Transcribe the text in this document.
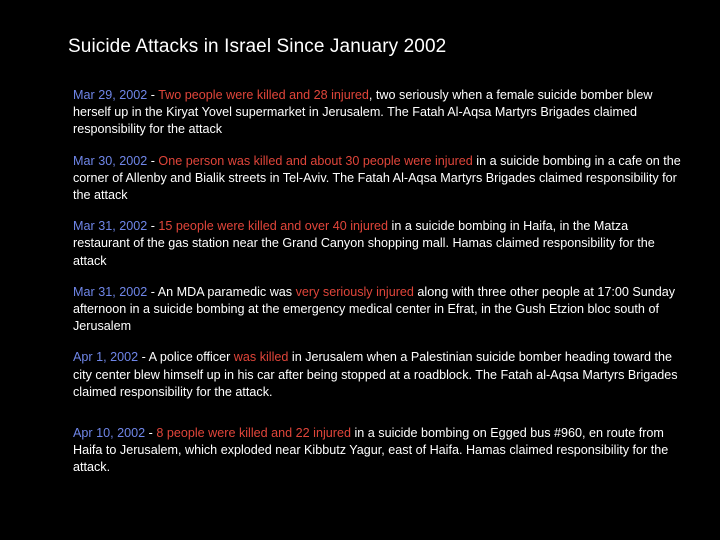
Suicide Attacks in Israel Since January 2002

Mar 29, 2002 - Two people were killed and 28 injured, two seriously when a female suicide bomber blew herself up in the Kiryat Yovel supermarket in Jerusalem. The Fatah Al-Aqsa Martyrs Brigades claimed responsibility for the attack

Mar 30, 2002 - One person was killed and about 30 people were injured in a suicide bombing in a cafe on the corner of Allenby and Bialik streets in Tel-Aviv. The Fatah Al-Aqsa Martyrs Brigades claimed responsibility for the attack

Mar 31, 2002 - 15 people were killed and over 40 injured in a suicide bombing in Haifa, in the Matza restaurant of the gas station near the Grand Canyon shopping mall. Hamas claimed responsibility for the attack

Mar 31, 2002 - An MDA paramedic was very seriously injured along with three other people at 17:00 Sunday afternoon in a suicide bombing at the emergency medical center in Efrat, in the Gush Etzion bloc south of Jerusalem

Apr 1, 2002 - A police officer was killed in Jerusalem when a Palestinian suicide bomber heading toward the city center blew himself up in his car after being stopped at a roadblock. The Fatah al-Aqsa Martyrs Brigades claimed responsibility for the attack.

Apr 10, 2002 - 8 people were killed and 22 injured in a suicide bombing on Egged bus #960, en route from Haifa to Jerusalem, which exploded near Kibbutz Yagur, east of Haifa. Hamas claimed responsibility for the attack.
